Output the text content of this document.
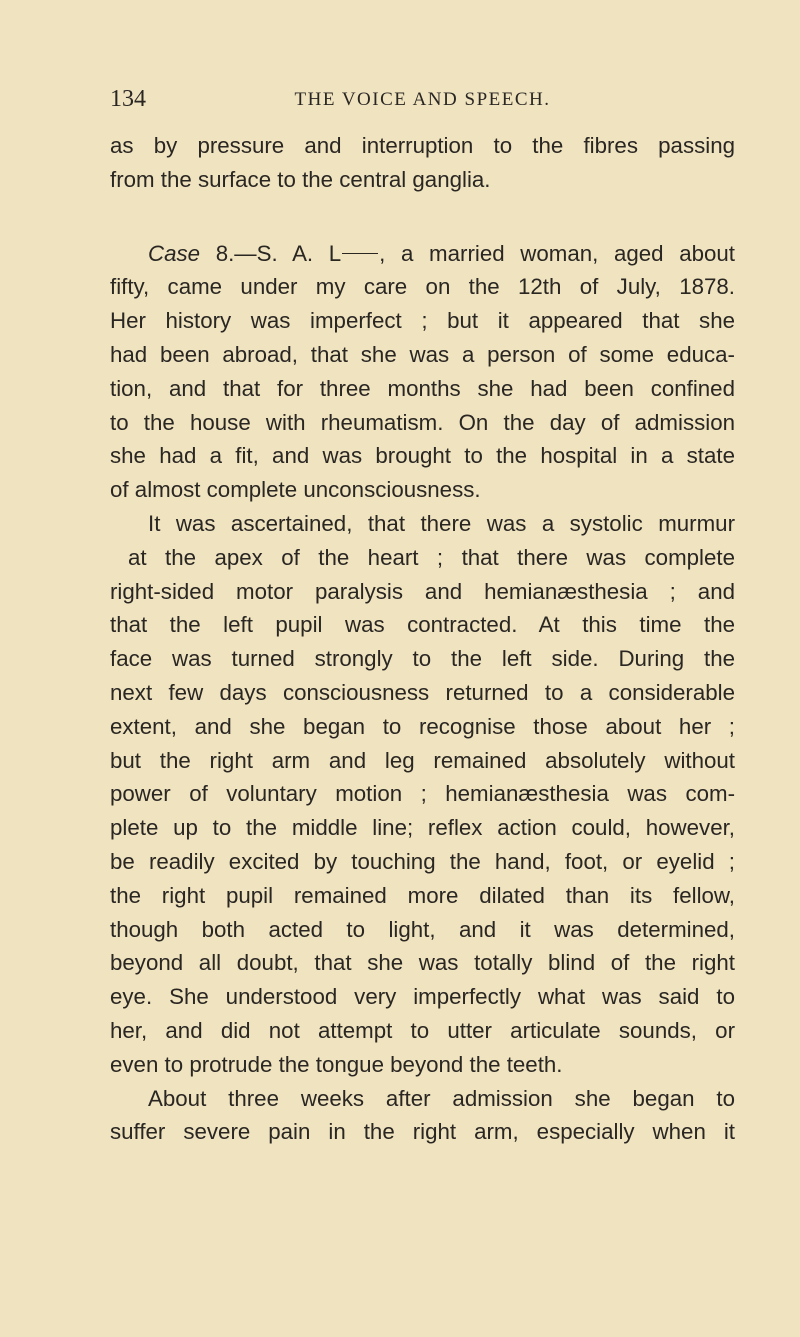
134	THE VOICE AND SPEECH.
as by pressure and interruption to the fibres passing
from the surface to the central ganglia.
Case 8.—S. A. L , a married woman, aged about
fifty, came under my care on the 12th of July, 1878.
Her history was imperfect ; but it appeared that she
had been abroad, that she was a person of some educa-
tion, and that for three months she had been confined
to the house with rheumatism. On the day of admission
she had a fit, and was brought to the hospital in a state
of almost complete unconsciousness.
It was ascertained, that there was a systolic murmur
at the apex of the heart ; that there was complete
right-sided motor paralysis and hemianæsthesia ; and
that the left pupil was contracted. At this time the
face was turned strongly to the left side. During the
next few days consciousness returned to a considerable
extent, and she began to recognise those about her ;
but the right arm and leg remained absolutely without
power of voluntary motion ; hemianæsthesia was com-
plete up to the middle line; reflex action could, however,
be readily excited by touching the hand, foot, or eyelid ;
the right pupil remained more dilated than its fellow,
though both acted to light, and it was determined,
beyond all doubt, that she was totally blind of the right
eye. She understood very imperfectly what was said to
her, and did not attempt to utter articulate sounds, or
even to protrude the tongue beyond the teeth.
About three weeks after admission she began to
suffer severe pain in the right arm, especially when it
